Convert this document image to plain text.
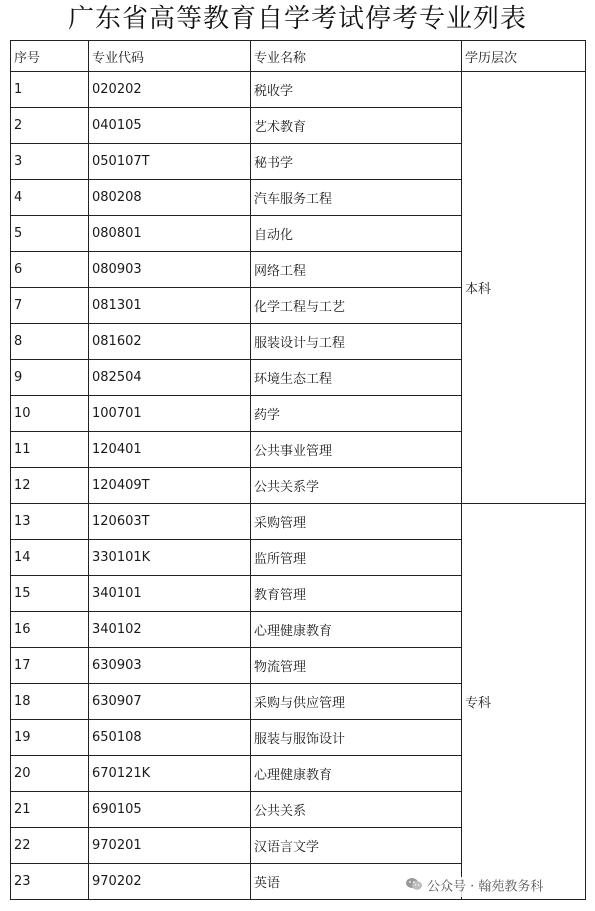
广东省高等教育自学考试停考专业列表
序号	专业代码	专业名称	学历层次
1	020202	税收学	本科
2	040105	艺术教育	
3	050107T	秘书学	
4	080208	汽车服务工程	
5	080801	自动化	
6	080903	网络工程	
7	081301	化学工程与工艺	
8	081602	服装设计与工程	
9	082504	环境生态工程	
10	100701	药学	
11	120401	公共事业管理	
12	120409T	公共关系学	
13	120603T	采购管理	专科
14	330101K	监所管理	
15	340101	教育管理	
16	340102	心理健康教育	
17	630903	物流管理	
18	630907	采购与供应管理	
19	650108	服装与服饰设计	
20	670121K	心理健康教育	
21	690105	公共关系	
22	970201	汉语言文学	
23	970202	英语		公众号 · 翰苑教务科
